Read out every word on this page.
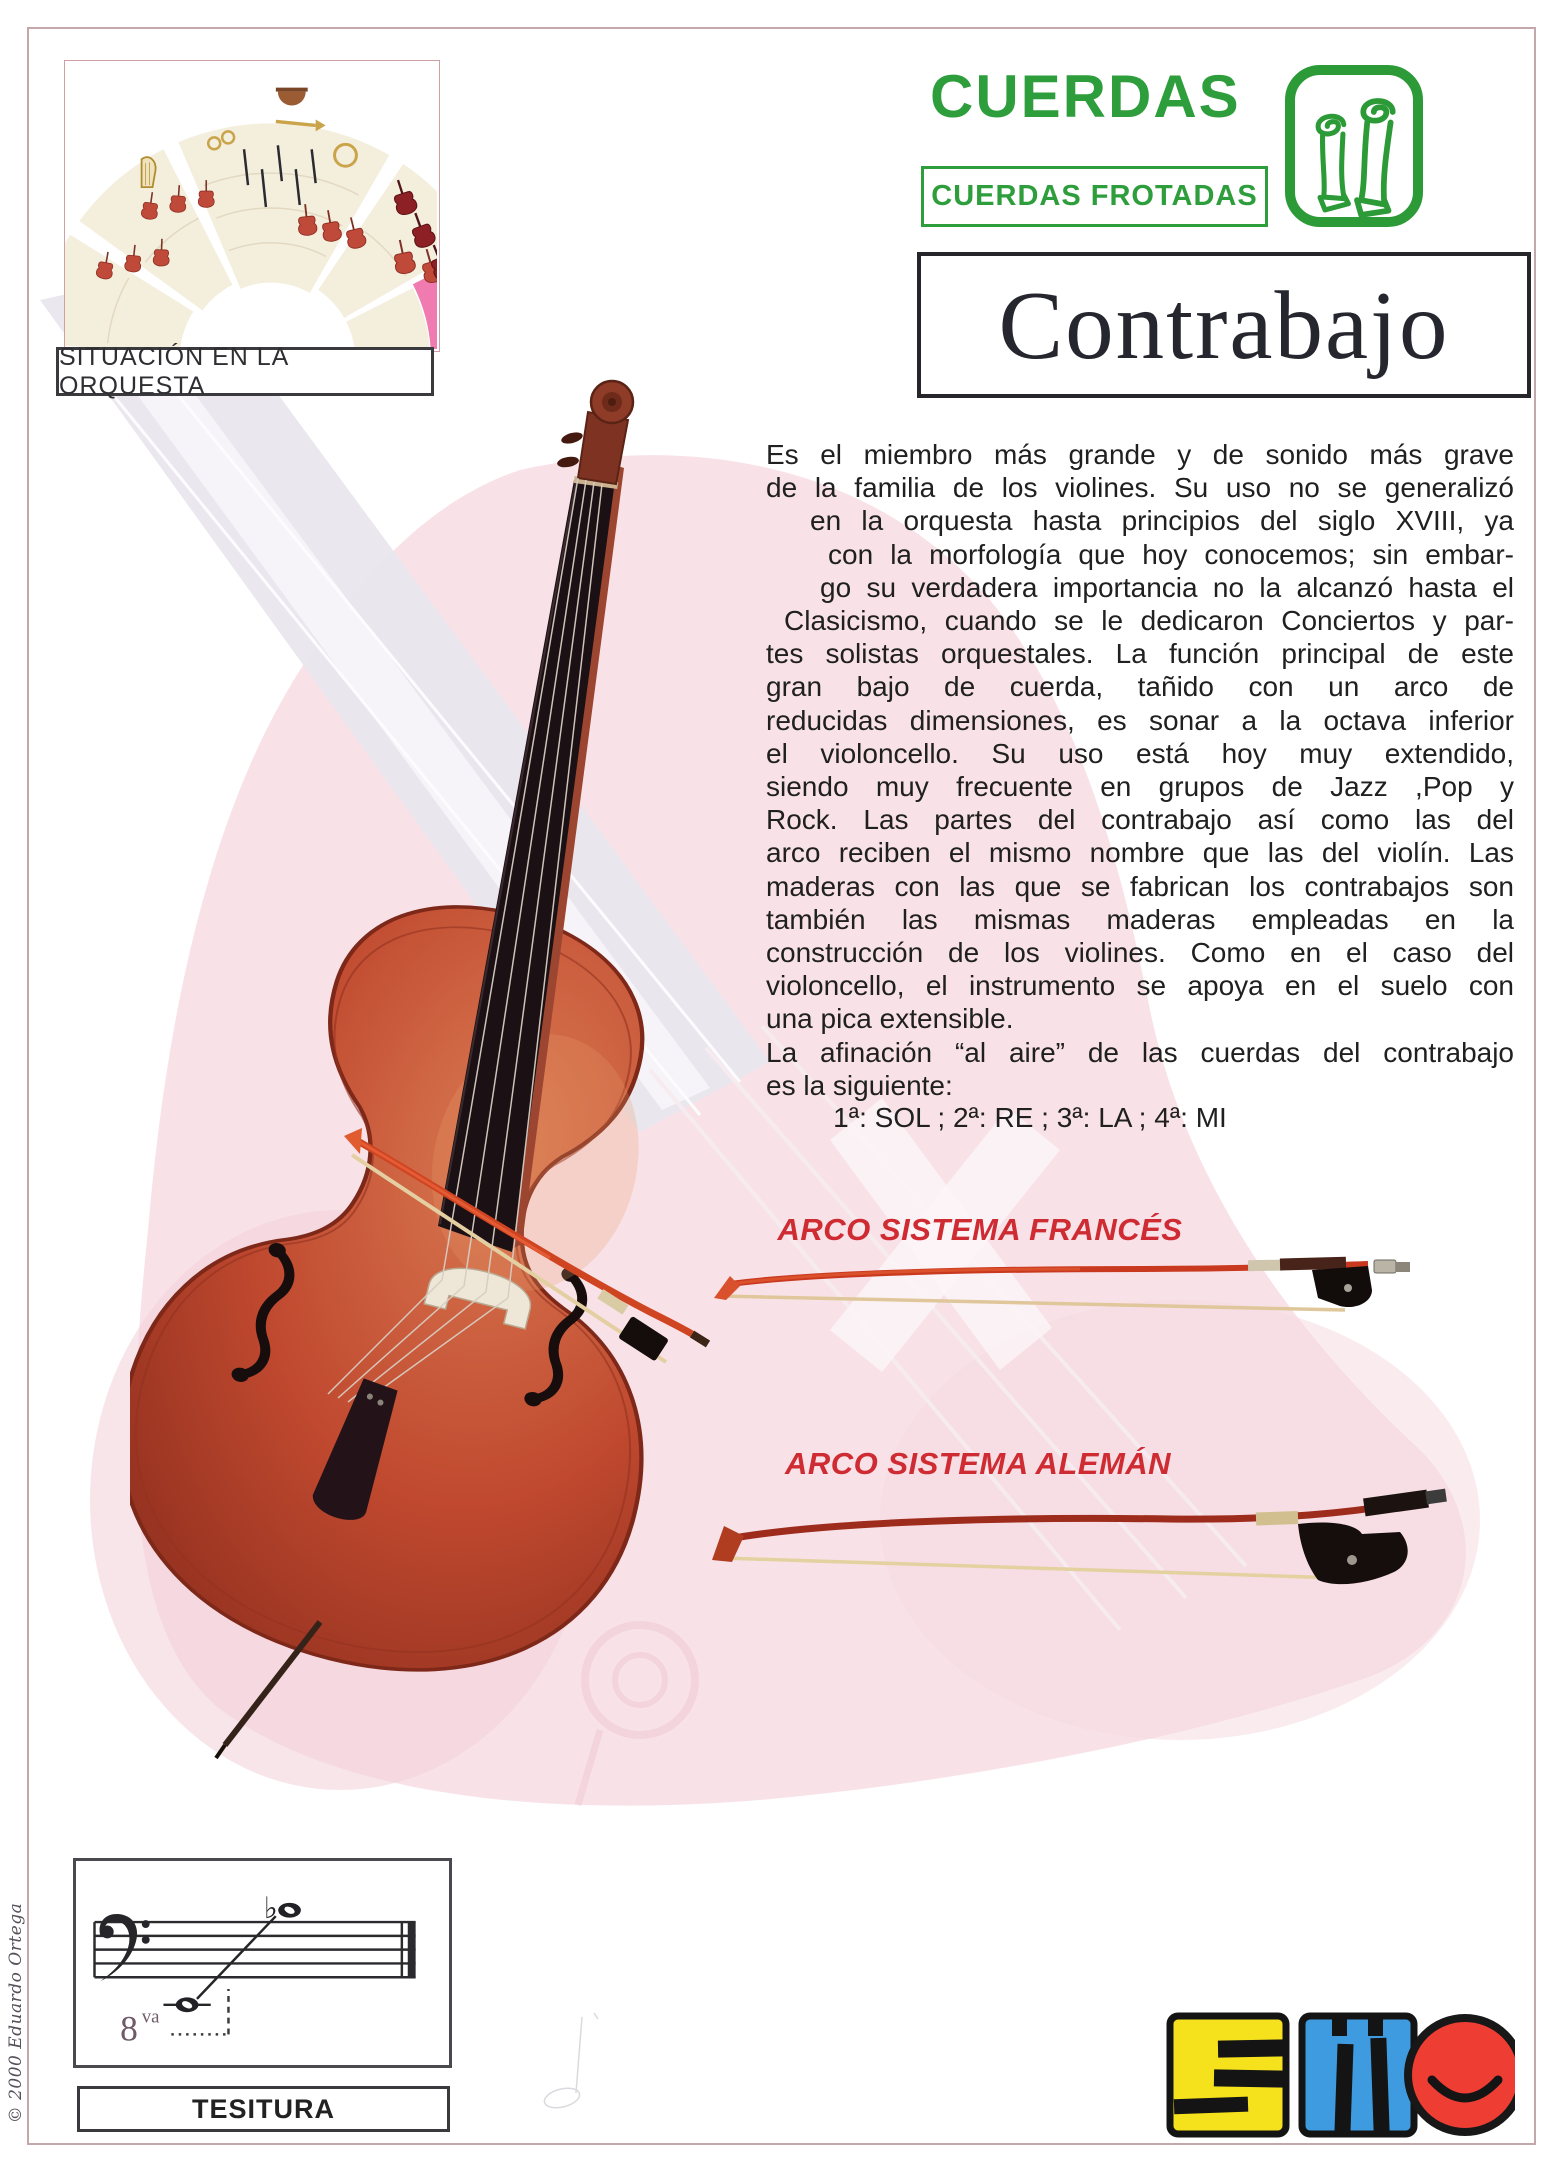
SITUACIÓN EN LA ORQUESTA
CUERDAS
CUERDAS FROTADAS
Contrabajo
Es el miembro más grande y de sonido más grave
de la familia de los violines. Su uso no se generalizó
en la orquesta hasta principios del siglo XVIII, ya
con la morfología que hoy conocemos; sin embar-
go su verdadera importancia no la alcanzó hasta el
Clasicismo, cuando se le dedicaron Conciertos y par-
tes solistas orquestales. La función principal de este
gran bajo de cuerda, tañido con un arco de
reducidas dimensiones, es sonar a la octava inferior
el violoncello. Su uso está hoy muy extendido,
siendo muy frecuente en grupos de Jazz ,Pop y
Rock. Las partes del contrabajo así como las del
arco reciben el mismo nombre que las del violín. Las
maderas con las que se fabrican los contrabajos son
también las mismas maderas empleadas en la
construcción de los violines. Como en el caso del
violoncello, el instrumento se apoya en el suelo con
una pica extensible.
La afinación “al aire” de las cuerdas del contrabajo
es la siguiente:
1ª: SOL ; 2ª: RE ; 3ª: LA ; 4ª: MI
ARCO SISTEMA FRANCÉS
ARCO SISTEMA ALEMÁN
♭
8 va
TESITURA
© 2000 Eduardo Ortega
